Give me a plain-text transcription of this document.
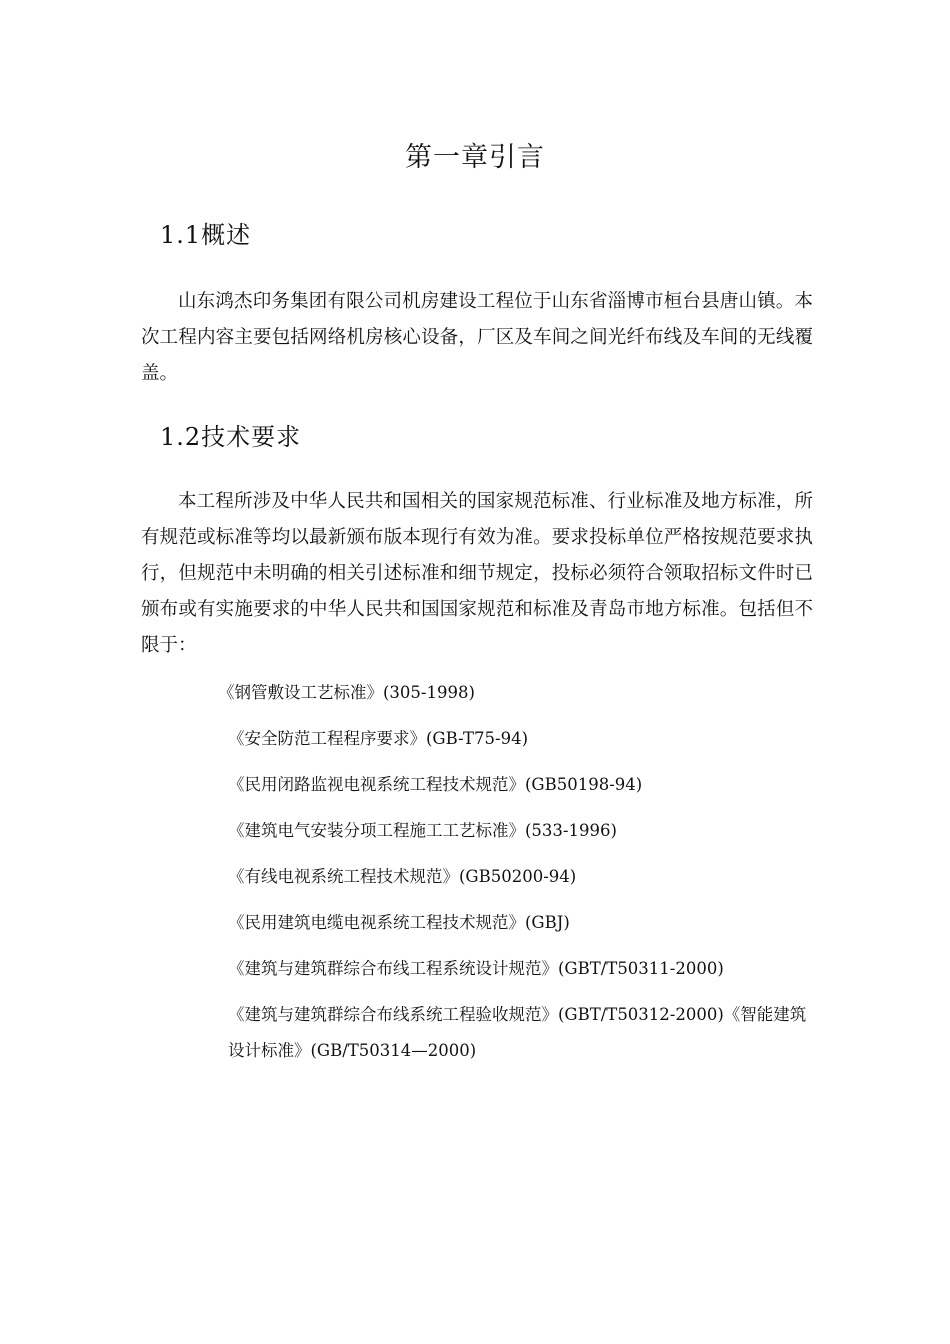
第一章引言
1.1概述
山东鸿杰印务集团有限公司机房建设工程位于山东省淄博市桓台县唐山镇。本次工程内容主要包括网络机房核心设备，厂区及车间之间光纤布线及车间的无线覆盖。
1.2技术要求
本工程所涉及中华人民共和国相关的国家规范标准、行业标准及地方标准，所有规范或标准等均以最新颁布版本现行有效为准。要求投标单位严格按规范要求执行，但规范中未明确的相关引述标准和细节规定，投标必须符合领取招标文件时已颁布或有实施要求的中华人民共和国国家规范和标准及青岛市地方标准。包括但不限于：
《钢管敷设工艺标准》(305-1998)
《安全防范工程程序要求》(GB-T75-94)
《民用闭路监视电视系统工程技术规范》(GB50198-94)
《建筑电气安装分项工程施工工艺标准》(533-1996)
《有线电视系统工程技术规范》(GB50200-94)
《民用建筑电缆电视系统工程技术规范》(GBJ)
《建筑与建筑群综合布线工程系统设计规范》(GBT/T50311-2000)
《建筑与建筑群综合布线系统工程验收规范》(GBT/T50312-2000)《智能建筑设计标准》(GB/T50314—2000)
